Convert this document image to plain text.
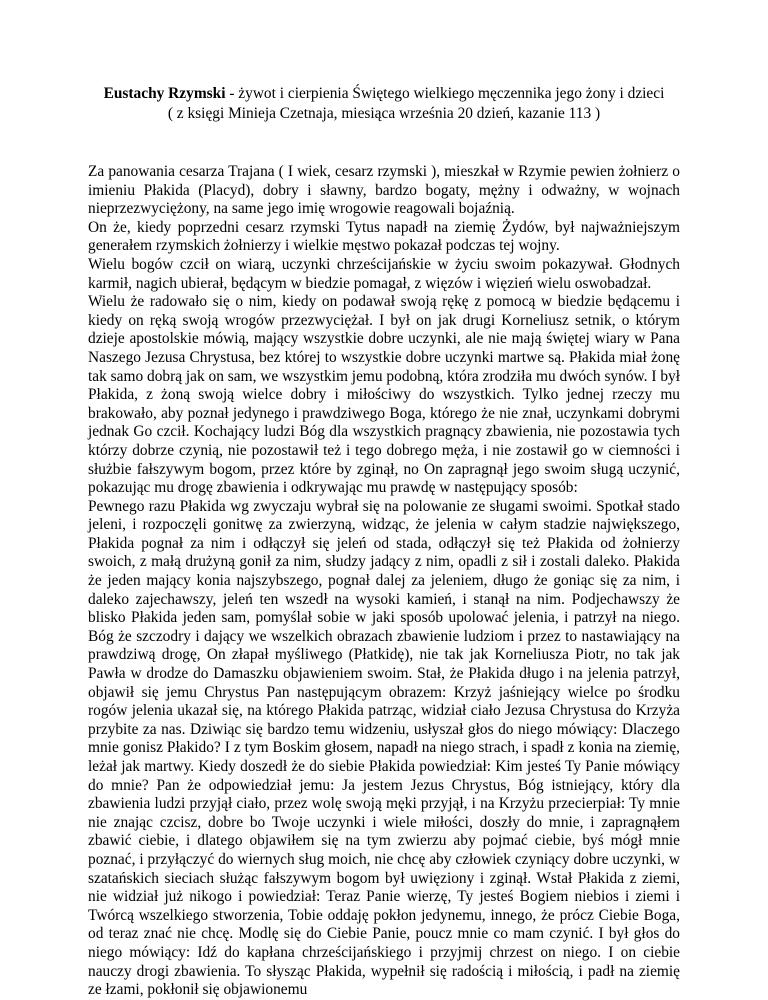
Eustachy Rzymski - żywot i cierpienia Świętego wielkiego męczennika jego żony i dzieci
( z księgi Minieja Czetnaja, miesiąca września 20 dzień, kazanie 113 )

Za panowania cesarza Trajana ( I wiek, cesarz rzymski ), mieszkał w Rzymie pewien żołnierz o imieniu Płakida (Placyd), dobry i sławny, bardzo bogaty, mężny i odważny, w wojnach nieprzezwyciężony, na same jego imię wrogowie reagowali bojaźnią.

On że, kiedy poprzedni cesarz rzymski Tytus napadł na ziemię Żydów, był najważniejszym generałem rzymskich żołnierzy i wielkie męstwo pokazał podczas tej wojny.

Wielu bogów czcił on wiarą, uczynki chrześcijańskie w życiu swoim pokazywał. Głodnych karmił, nagich ubierał, będącym w biedzie pomagał, z więzów i więzień wielu oswobadzał.

Wielu że radowało się o nim, kiedy on podawał swoją rękę z pomocą w biedzie będącemu i kiedy on ręką swoją wrogów przezwyciężał. I był on jak drugi Korneliusz setnik, o którym dzieje apostolskie mówią, mający wszystkie dobre uczynki, ale nie mają świętej wiary w Pana Naszego Jezusa Chrystusa, bez której to wszystkie dobre uczynki martwe są. Płakida miał żonę tak samo dobrą jak on sam, we wszystkim jemu podobną, która zrodziła mu dwóch synów. I był Płakida, z żoną swoją wielce dobry i miłościwy do wszystkich. Tylko jednej rzeczy mu brakowało, aby poznał jedynego i prawdziwego Boga, którego że nie znał, uczynkami dobrymi jednak Go czcił. Kochający ludzi Bóg dla wszystkich pragnący zbawienia, nie pozostawia tych którzy dobrze czynią, nie pozostawił też i tego dobrego męża, i nie zostawił go w ciemności i służbie fałszywym bogom, przez które by zginął, no On zapragnął jego swoim sługą uczynić, pokazując mu drogę zbawienia i odkrywając mu prawdę w następujący sposób:

Pewnego razu Płakida wg zwyczaju wybrał się na polowanie ze sługami swoimi. Spotkał stado jeleni, i rozpoczęli gonitwę za zwierzyną, widząc, że jelenia w całym stadzie największego, Płakida pognał za nim i odłączył się jeleń od stada, odłączył się też Płakida od żołnierzy swoich, z małą drużyną gonił za nim, słudzy jadący z nim, opadli z sił i zostali daleko. Płakida że jeden mający konia najszybszego, pognał dalej za jeleniem, długo że goniąc się za nim, i daleko zajechawszy, jeleń ten wszedł na wysoki kamień, i stanął na nim. Podjechawszy że blisko Płakida jeden sam, pomyślał sobie w jaki sposób upolować jelenia, i patrzył na niego. Bóg że szczodry i dający we wszelkich obrazach zbawienie ludziom i przez to nastawiający na prawdziwą drogę, On złapał myśliwego (Płatkidę), nie tak jak Korneliusza Piotr, no tak jak Pawła w drodze do Damaszku objawieniem swoim. Stał, że Płakida długo i na jelenia patrzył, objawił się jemu Chrystus Pan następującym obrazem: Krzyż jaśniejący wielce po środku rogów jelenia ukazał się, na którego Płakida patrząc, widział ciało Jezusa Chrystusa do Krzyża przybite za nas. Dziwiąc się bardzo temu widzeniu, usłyszał głos do niego mówiący: Dlaczego mnie gonisz Płakido? I z tym Boskim głosem, napadł na niego strach, i spadł z konia na ziemię, leżał jak martwy. Kiedy doszedł że do siebie Płakida powiedział: Kim jesteś Ty Panie mówiący do mnie? Pan że odpowiedział jemu: Ja jestem Jezus Chrystus, Bóg istniejący, który dla zbawienia ludzi przyjął ciało, przez wolę swoją męki przyjął, i na Krzyżu przecierpiał: Ty mnie nie znając czcisz, dobre bo Twoje uczynki i wiele miłości, doszły do mnie, i zapragnąłem zbawić ciebie, i dlatego objawiłem się na tym zwierzu aby pojmać ciebie, byś mógł mnie poznać, i przyłączyć do wiernych sług moich, nie chcę aby człowiek czyniący dobre uczynki, w szatańskich sieciach służąc fałszywym bogom był uwięziony i zginął. Wstał Płakida z ziemi, nie widział już nikogo i powiedział: Teraz Panie wierzę, Ty jesteś Bogiem niebios i ziemi i Twórcą wszelkiego stworzenia, Tobie oddaję pokłon jedynemu, innego, że prócz Ciebie Boga, od teraz znać nie chcę. Modlę się do Ciebie Panie, poucz mnie co mam czynić. I był głos do niego mówiący: Idź do kapłana chrześcijańskiego i przyjmij chrzest on niego. I on ciebie nauczy drogi zbawienia. To słysząc Płakida, wypełnił się radością i miłością, i padł na ziemię ze łzami, pokłonił się objawionemu
